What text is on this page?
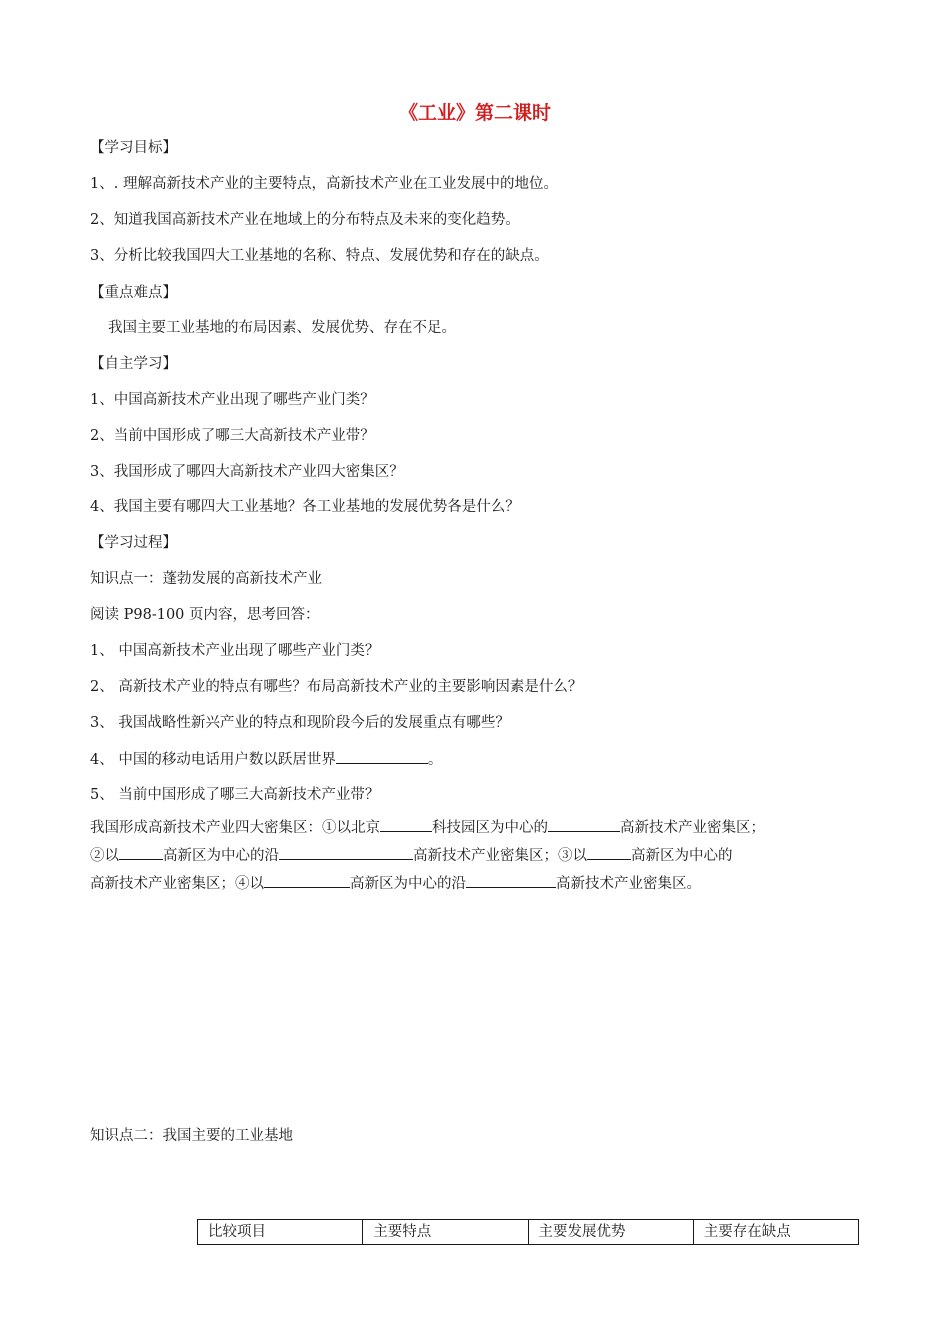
《工业》第二课时
【学习目标】
1、. 理解高新技术产业的主要特点，高新技术产业在工业发展中的地位。
2、知道我国高新技术产业在地域上的分布特点及未来的变化趋势。
3、分析比较我国四大工业基地的名称、特点、发展优势和存在的缺点。
【重点难点】
我国主要工业基地的布局因素、发展优势、存在不足。
【自主学习】
1、中国高新技术产业出现了哪些产业门类？
2、当前中国形成了哪三大高新技术产业带？
3、我国形成了哪四大高新技术产业四大密集区？
4、我国主要有哪四大工业基地？各工业基地的发展优势各是什么？
【学习过程】
知识点一：蓬勃发展的高新技术产业
阅读 P98-100 页内容，思考回答：
1、 中国高新技术产业出现了哪些产业门类？
2、 高新技术产业的特点有哪些？布局高新技术产业的主要影响因素是什么？
3、 我国战略性新兴产业的特点和现阶段今后的发展重点有哪些？
4、 中国的移动电话用户数以跃居世界	。
5、 当前中国形成了哪三大高新技术产业带？
我国形成高新技术产业四大密集区：①以北京	科技园区为中心的	高新技术产业密集区；
②以	高新区为中心的沿	高新技术产业密集区；③以	高新区为中心的
高新技术产业密集区；④以	高新区为中心的沿	高新技术产业密集区。
知识点二：我国主要的工业基地
比较项目	主要特点	主要发展优势	主要存在缺点
